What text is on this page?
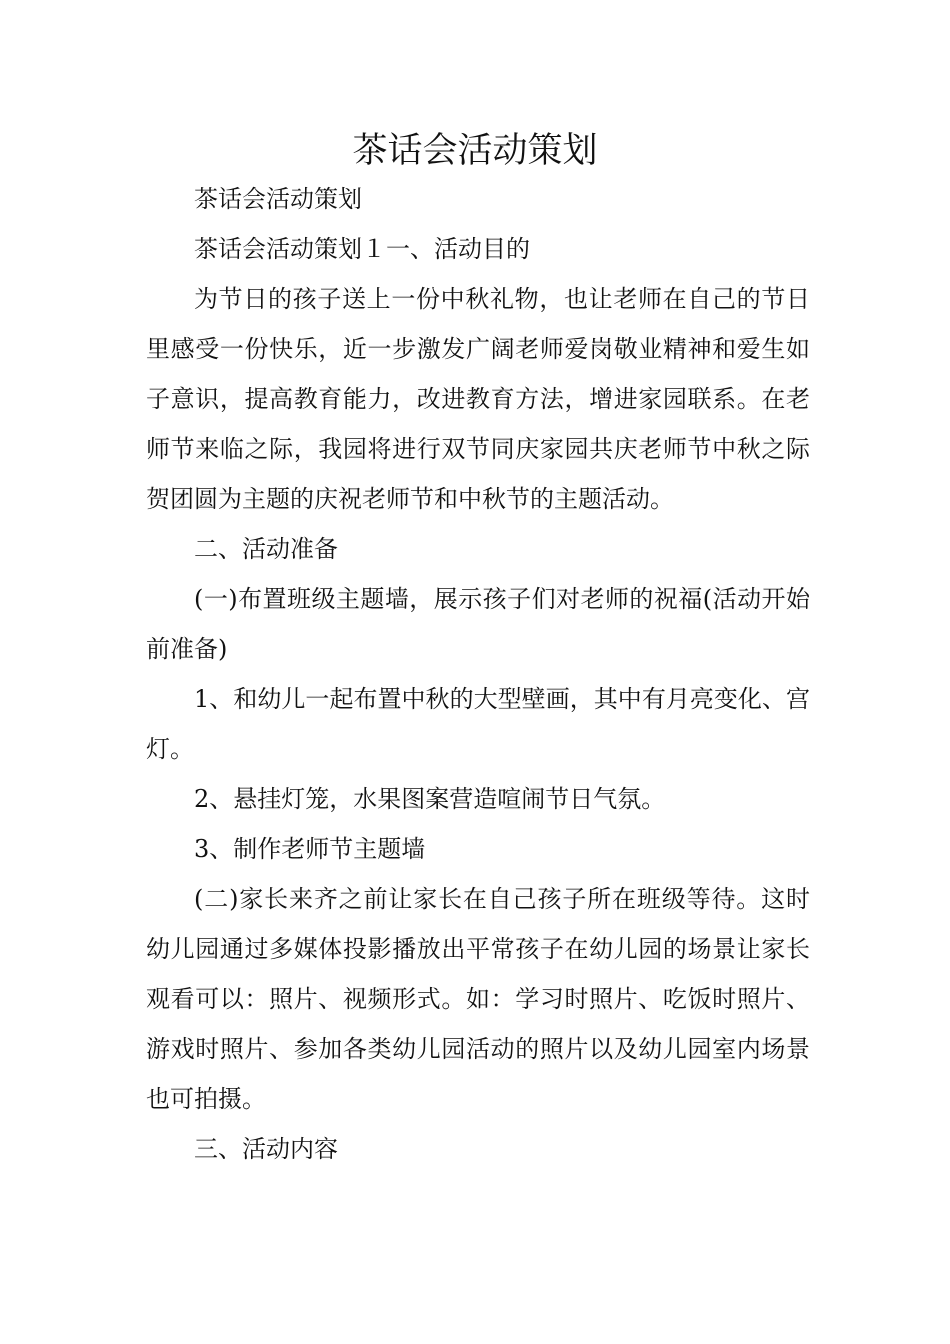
茶话会活动策划

茶话会活动策划

茶话会活动策划１一、活动目的

为节日的孩子送上一份中秋礼物，也让老师在自己的节日里感受一份快乐，近一步激发广阔老师爱岗敬业精神和爱生如子意识，提高教育能力，改进教育方法，增进家园联系。在老师节来临之际，我园将进行双节同庆家园共庆老师节中秋之际贺团圆为主题的庆祝老师节和中秋节的主题活动。

二、活动准备

(一)布置班级主题墙，展示孩子们对老师的祝福(活动开始前准备)

1、和幼儿一起布置中秋的大型壁画，其中有月亮变化、宫灯。

2、悬挂灯笼，水果图案营造喧闹节日气氛。

3、制作老师节主题墙

(二)家长来齐之前让家长在自己孩子所在班级等待。这时幼儿园通过多媒体投影播放出平常孩子在幼儿园的场景让家长观看可以：照片、视频形式。如：学习时照片、吃饭时照片、游戏时照片、参加各类幼儿园活动的照片以及幼儿园室内场景也可拍摄。

三、活动内容
